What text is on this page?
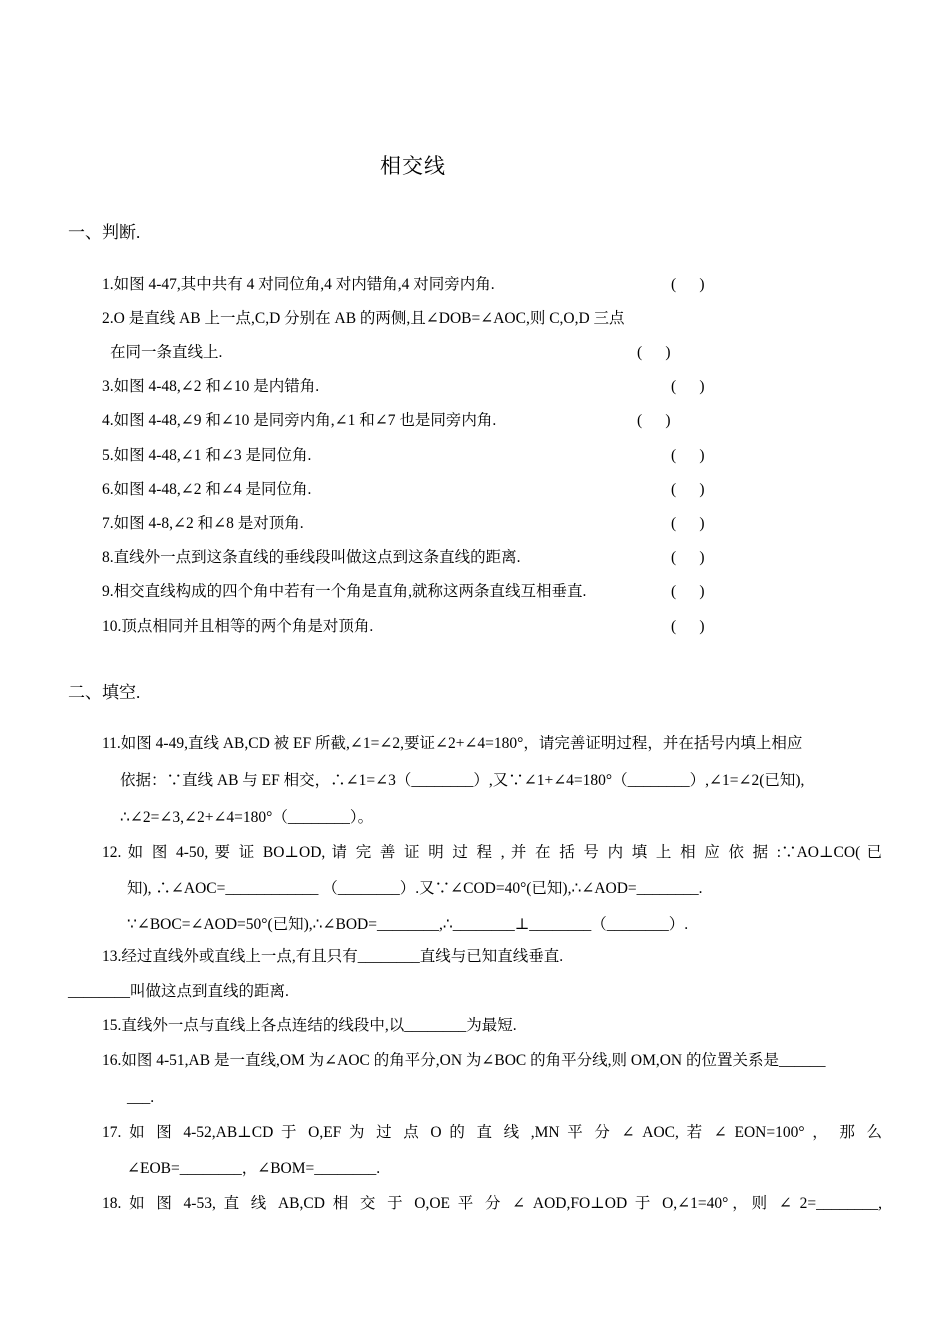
相交线
一、判断.
1.如图 4-47,其中共有 4 对同位角,4 对内错角,4 对同旁内角.	(      )
2.O 是直线 AB 上一点,C,D 分别在 AB 的两侧,且∠DOB=∠AOC,则 C,O,D 三点
在同一条直线上.	(      )
3.如图 4-48,∠2 和∠10 是内错角.	(      )
4.如图 4-48,∠9 和∠10 是同旁内角,∠1 和∠7 也是同旁内角.	(      )
5.如图 4-48,∠1 和∠3 是同位角.	(      )
6.如图 4-48,∠2 和∠4 是同位角.	(      )
7.如图 4-8,∠2 和∠8 是对顶角.	(      )
8.直线外一点到这条直线的垂线段叫做这点到这条直线的距离.	(      )
9.相交直线构成的四个角中若有一个角是直角,就称这两条直线互相垂直.	(      )
10.顶点相同并且相等的两个角是对顶角.	(      )
二、填空.
11.如图 4-49,直线 AB,CD 被 EF 所截,∠1=∠2,要证∠2+∠4=180°，请完善证明过程，并在括号内填上相应
依据：∵直线 AB 与 EF 相交，∴∠1=∠3（________）,又∵∠1+∠4=180°（________）,∠1=∠2(已知),
∴∠2=∠3,∠2+∠4=180°（________）。
12. 如 图 4-50, 要 证 BO⊥OD, 请 完 善 证 明 过 程 , 并 在 括 号 内 填 上 相 应 依 据 :∵AO⊥CO( 已
知), ∴∠AOC=____________ （________）.又∵∠COD=40°(已知),∴∠AOD=________.
∵∠BOC=∠AOD=50°(已知),∴∠BOD=________,∴________⊥________（________）.
13.经过直线外或直线上一点,有且只有________直线与已知直线垂直.
________叫做这点到直线的距离.
15.直线外一点与直线上各点连结的线段中,以________为最短.
16.如图 4-51,AB 是一直线,OM 为∠AOC 的角平分,ON 为∠BOC 的角平分线,则 OM,ON 的位置关系是______
___.
17. 如 图 4-52,AB⊥CD 于 O,EF 为 过 点 O 的 直 线 ,MN 平 分 ∠ AOC, 若 ∠ EON=100° ， 那 么
∠EOB=________，∠BOM=________.
18. 如 图 4-53, 直 线 AB,CD 相 交 于 O,OE 平 分 ∠ AOD,FO⊥OD 于 O,∠1=40°，则 ∠ 2=________,
